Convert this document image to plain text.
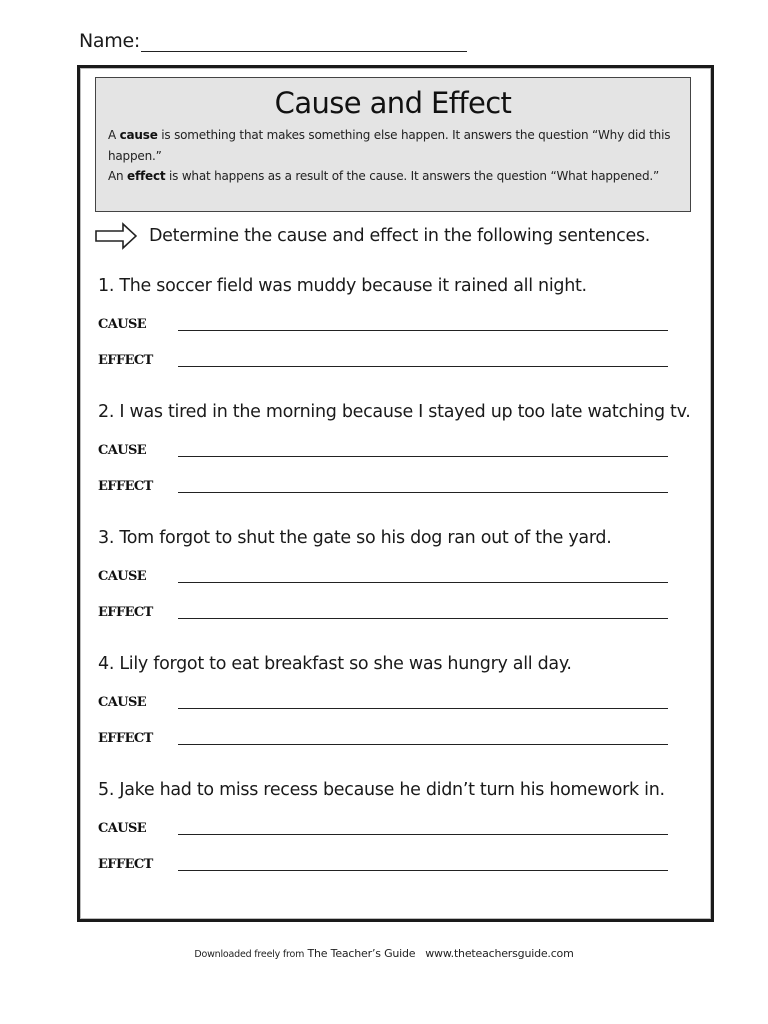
Name:
Cause and Effect
A cause is something that makes something else happen. It answers the question “Why did this happen.”
An effect is what happens as a result of the cause. It answers the question “What happened.”
Determine the cause and effect in the following sentences.
1. The soccer field was muddy because it rained all night.
CAUSE
EFFECT
2. I was tired in the morning because I stayed up too late watching tv.
CAUSE
EFFECT
3. Tom forgot to shut the gate so his dog ran out of the yard.
CAUSE
EFFECT
4. Lily forgot to eat breakfast so she was hungry all day.
CAUSE
EFFECT
5. Jake had to miss recess because he didn’t turn his homework in.
CAUSE
EFFECT
Downloaded freely from The Teacher’s Guide www.theteachersguide.com
